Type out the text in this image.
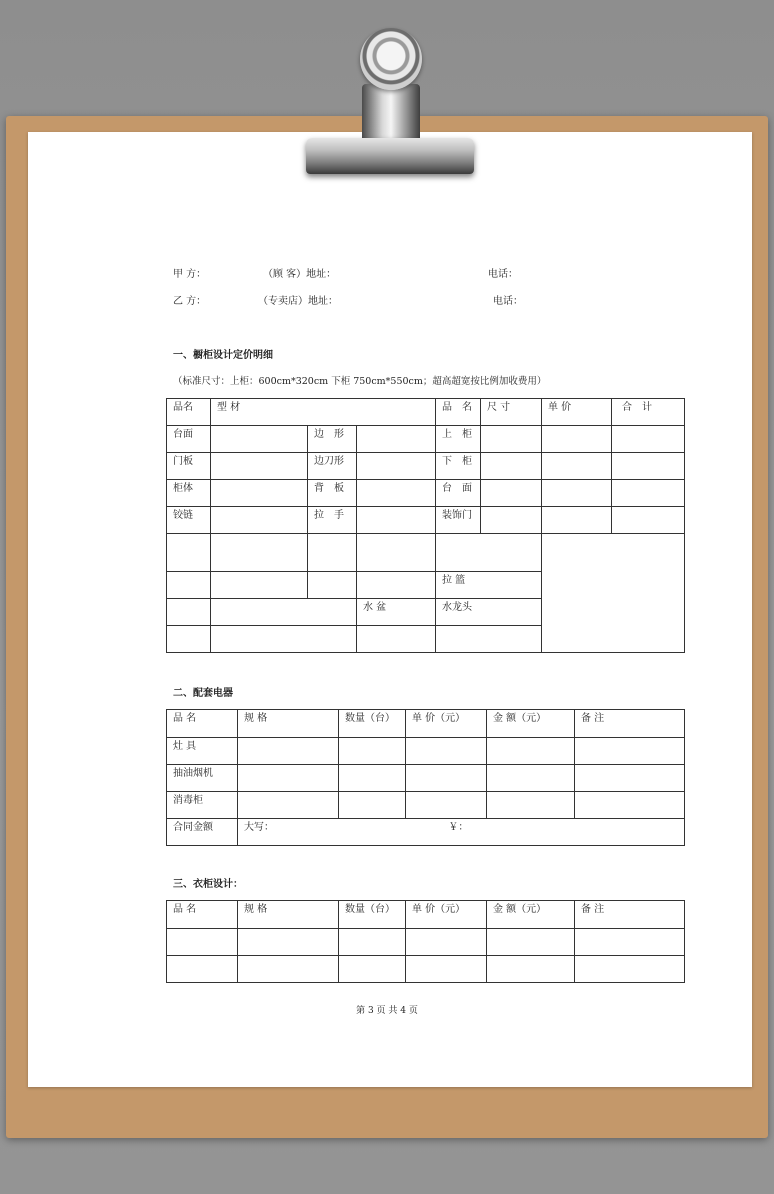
甲 方：	（顾 客）地址：	电话：
乙 方：	（专卖店）地址：	电话：
一、橱柜设计定价明细
（标准尺寸：上柜：600cm*320cm 下柜 750cm*550cm；超高超宽按比例加收费用）
品名	型 材			品　名	尺 寸	单 价	合　计
台面		边　形		上　柜			
门板		边刀形		下　柜			
柜体		背　板		台　面			
铰链		拉　手		装饰门			

				拉 篮			
			水 盆	水龙头			

二、配套电器
品 名	规 格	数量（台）	单 价（元）	金 额（元）	备 注
灶 具					
抽油烟机					
消毒柜					
合同金额	大写： ￥：				
三、衣柜设计：
品 名	规 格	数量（台）	单 价（元）	金 额（元）	备 注

第 3 页 共 4 页
